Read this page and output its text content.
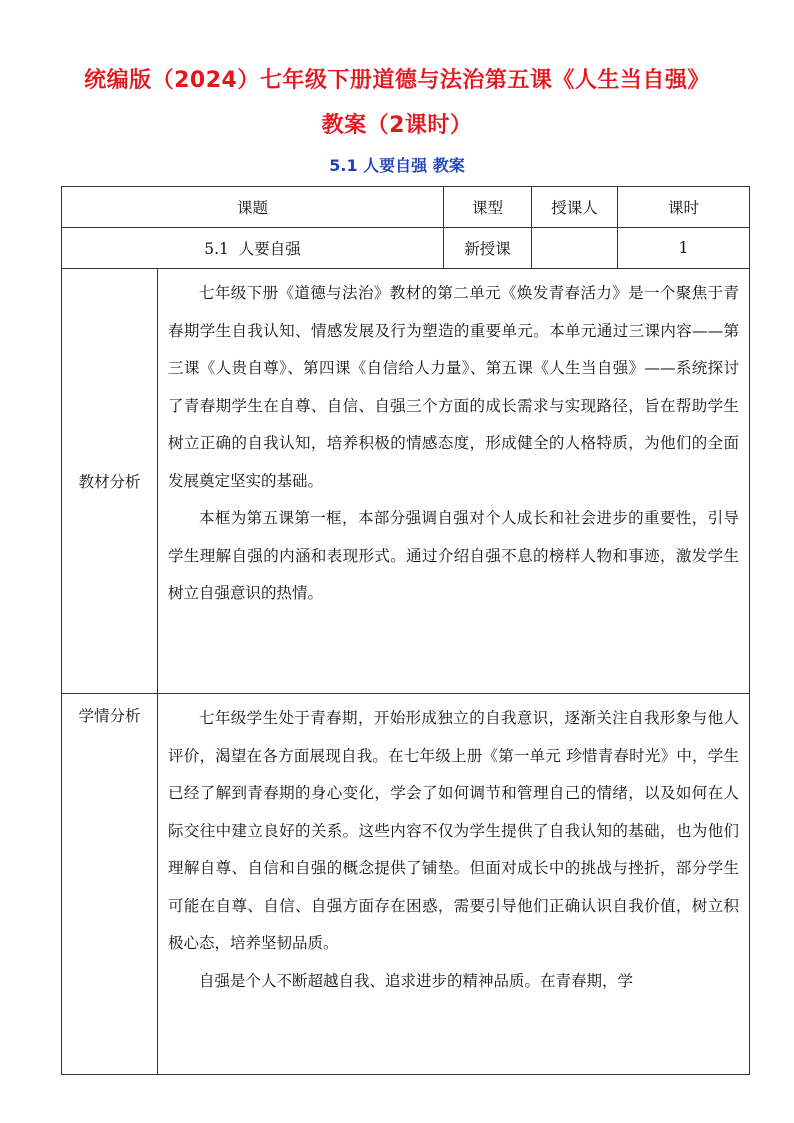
统编版（2024）七年级下册道德与法治第五课《人生当自强》
教案（2课时）
5.1 人要自强 教案
课题		课型	授课人	课时
5.1  人要自强		新授课		1
教材分析	七年级下册《道德与法治》教材的第二单元《焕发青春活力》是一个聚焦于青春期学生自我认知、情感发展及行为塑造的重要单元。本单元通过三课内容——第三课《人贵自尊》、第四课《自信给人力量》、第五课《人生当自强》——系统探讨了青春期学生在自尊、自信、自强三个方面的成长需求与实现路径，旨在帮助学生树立正确的自我认知，培养积极的情感态度，形成健全的人格特质，为他们的全面发展奠定坚实的基础。

本框为第五课第一框，本部分强调自强对个人成长和社会进步的重要性，引导学生理解自强的内涵和表现形式。通过介绍自强不息的榜样人物和事迹，激发学生树立自强意识的热情。			

学情分析	七年级学生处于青春期，开始形成独立的自我意识，逐渐关注自我形象与他人评价，渴望在各方面展现自我。在七年级上册《第一单元 珍惜青春时光》中，学生已经了解到青春期的身心变化，学会了如何调节和管理自己的情绪，以及如何在人际交往中建立良好的关系。这些内容不仅为学生提供了自我认知的基础，也为他们理解自尊、自信和自强的概念提供了铺垫。但面对成长中的挑战与挫折，部分学生可能在自尊、自信、自强方面存在困惑，需要引导他们正确认识自我价值，树立积极心态，培养坚韧品质。

自强是个人不断超越自我、追求进步的精神品质。在青春期，学			
